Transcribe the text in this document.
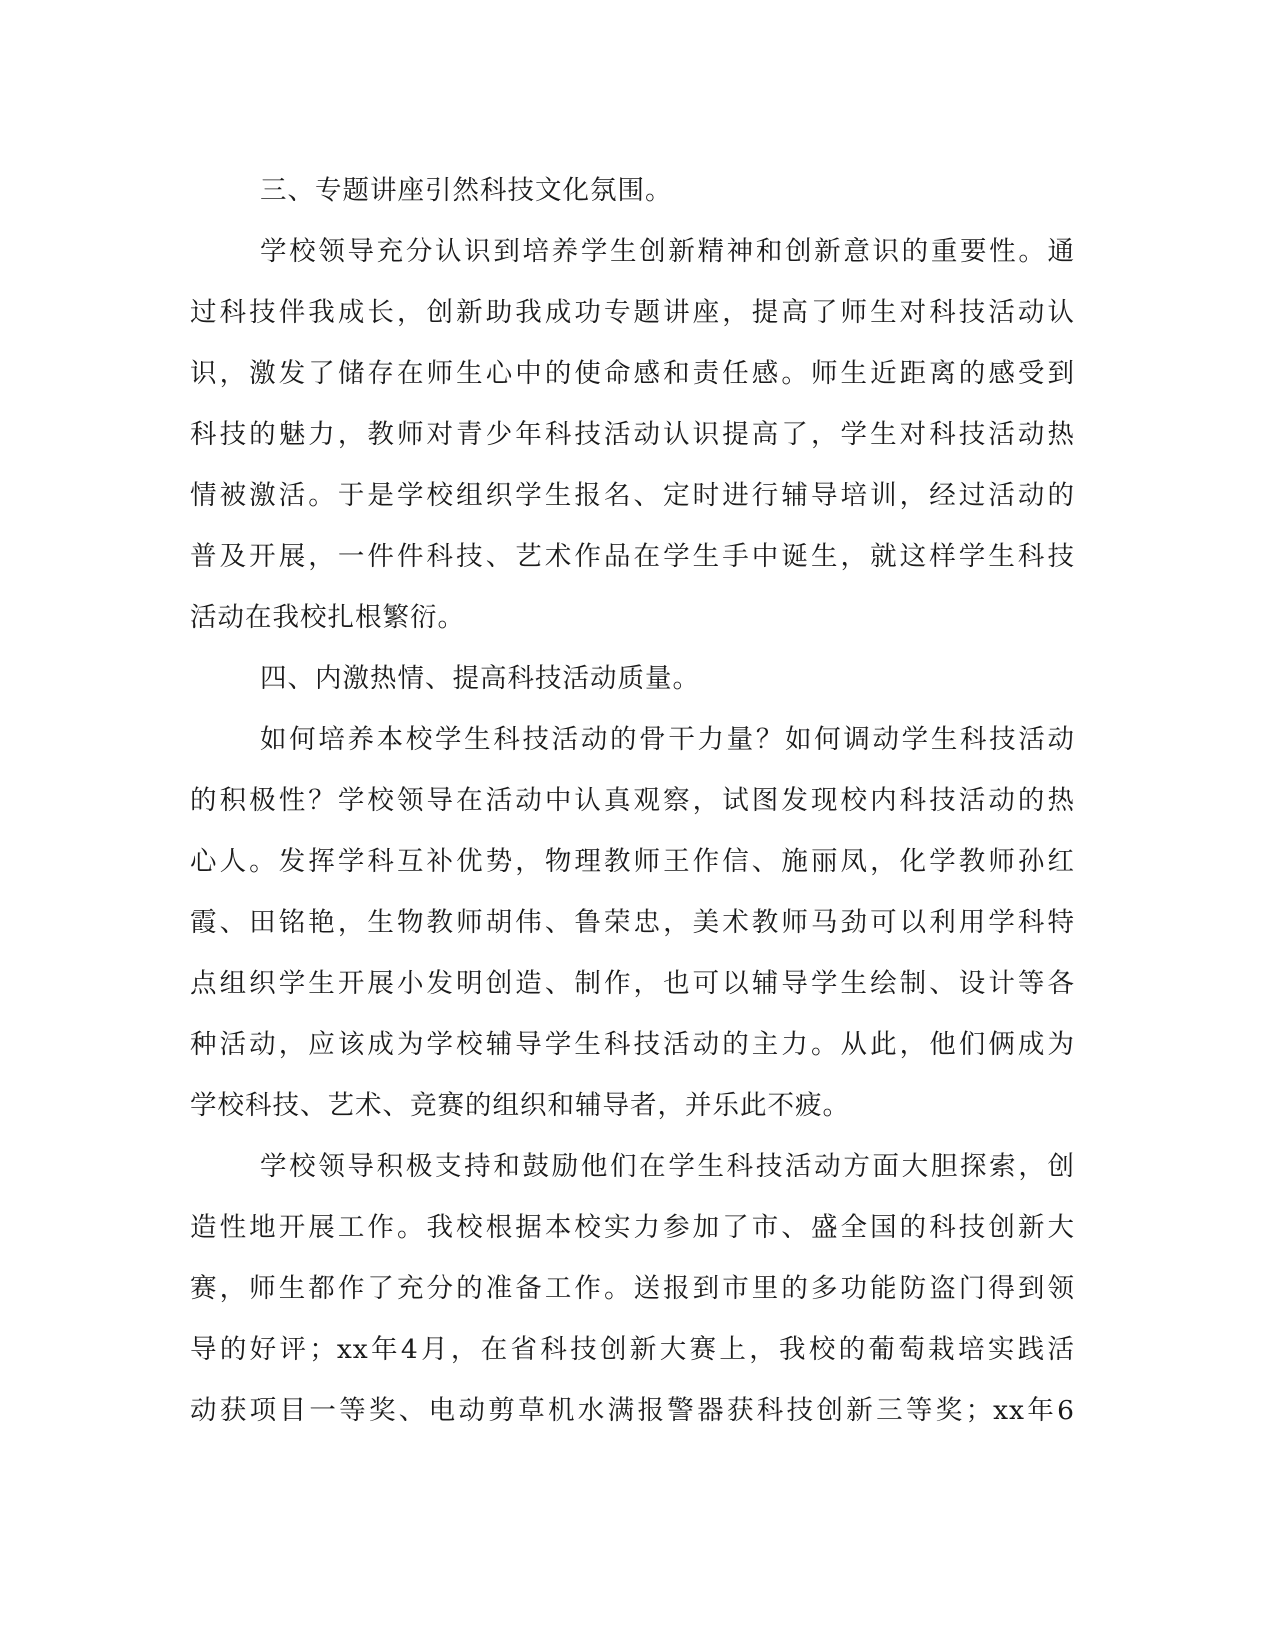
三、专题讲座引然科技文化氛围。
学校领导充分认识到培养学生创新精神和创新意识的重要性。通
过科技伴我成长，创新助我成功专题讲座，提高了师生对科技活动认
识，激发了储存在师生心中的使命感和责任感。师生近距离的感受到
科技的魅力，教师对青少年科技活动认识提高了，学生对科技活动热
情被激活。于是学校组织学生报名、定时进行辅导培训，经过活动的
普及开展，一件件科技、艺术作品在学生手中诞生，就这样学生科技
活动在我校扎根繁衍。
四、内激热情、提高科技活动质量。
如何培养本校学生科技活动的骨干力量？如何调动学生科技活动
的积极性？学校领导在活动中认真观察，试图发现校内科技活动的热
心人。发挥学科互补优势，物理教师王作信、施丽凤，化学教师孙红
霞、田铭艳，生物教师胡伟、鲁荣忠，美术教师马劲可以利用学科特
点组织学生开展小发明创造、制作，也可以辅导学生绘制、设计等各
种活动，应该成为学校辅导学生科技活动的主力。从此，他们俩成为
学校科技、艺术、竞赛的组织和辅导者，并乐此不疲。
学校领导积极支持和鼓励他们在学生科技活动方面大胆探索，创
造性地开展工作。我校根据本校实力参加了市、盛全国的科技创新大
赛，师生都作了充分的准备工作。送报到市里的多功能防盗门得到领
导的好评；xx年4月，在省科技创新大赛上，我校的葡萄栽培实践活
动获项目一等奖、电动剪草机水满报警器获科技创新三等奖；xx年6
